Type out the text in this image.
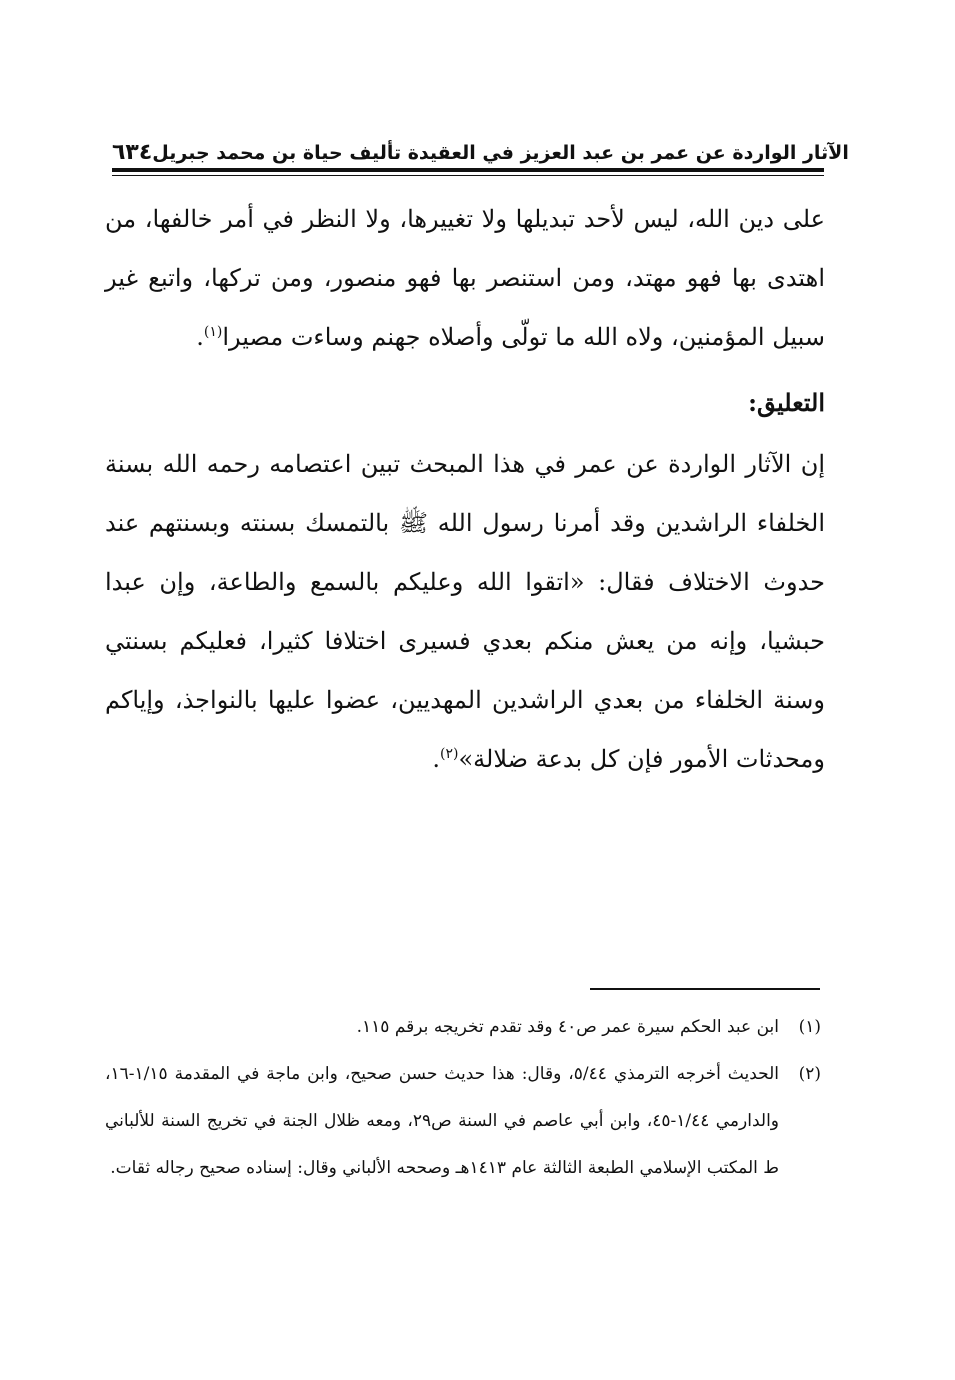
٦٣٤ الآثار الواردة عن عمر بن عبد العزيز في العقيدة تأليف حياة بن محمد جبريل

على دين الله، ليس لأحد تبديلها ولا تغييرها، ولا النظر في أمر خالفها، من اهتدى بها فهو مهتد، ومن استنصر بها فهو منصور، ومن تركها، واتبع غير سبيل المؤمنين، ولاه الله ما تولّى وأصلاه جهنم وساءت مصيرا$^{(١)}$.

التعليق:

إن الآثار الواردة عن عمر في هذا المبحث تبين اعتصامه رحمه الله بسنة الخلفاء الراشدين وقد أمرنا رسول الله ﷺ بالتمسك بسنته وبسنتهم عند حدوث الاختلاف فقال: «اتقوا الله وعليكم بالسمع والطاعة، وإن عبدا حبشيا، وإنه من يعش منكم بعدي فسيرى اختلافا كثيرا، فعليكم بسنتي وسنة الخلفاء من بعدي الراشدين المهديين، عضوا عليها بالنواجذ، وإياكم ومحدثات الأمور فإن كل بدعة ضلالة»$^{(٢)}$.

(١)
ابن عبد الحكم سيرة عمر ص٤٠ وقد تقدم تخريجه برقم ١١٥.
(٢)
الحديث أخرجه الترمذي ٥/٤٤، وقال: هذا حديث حسن صحيح، وابن ماجة في المقدمة ١/١٥-١٦، والدارمي ١/٤٤-٤٥، وابن أبي عاصم في السنة ص٢٩، ومعه ظلال الجنة في تخريج السنة للألباني ط المكتب الإسلامي الطبعة الثالثة عام ١٤١٣هـ وصححه الألباني وقال: إسناده صحيح رجاله ثقات.
